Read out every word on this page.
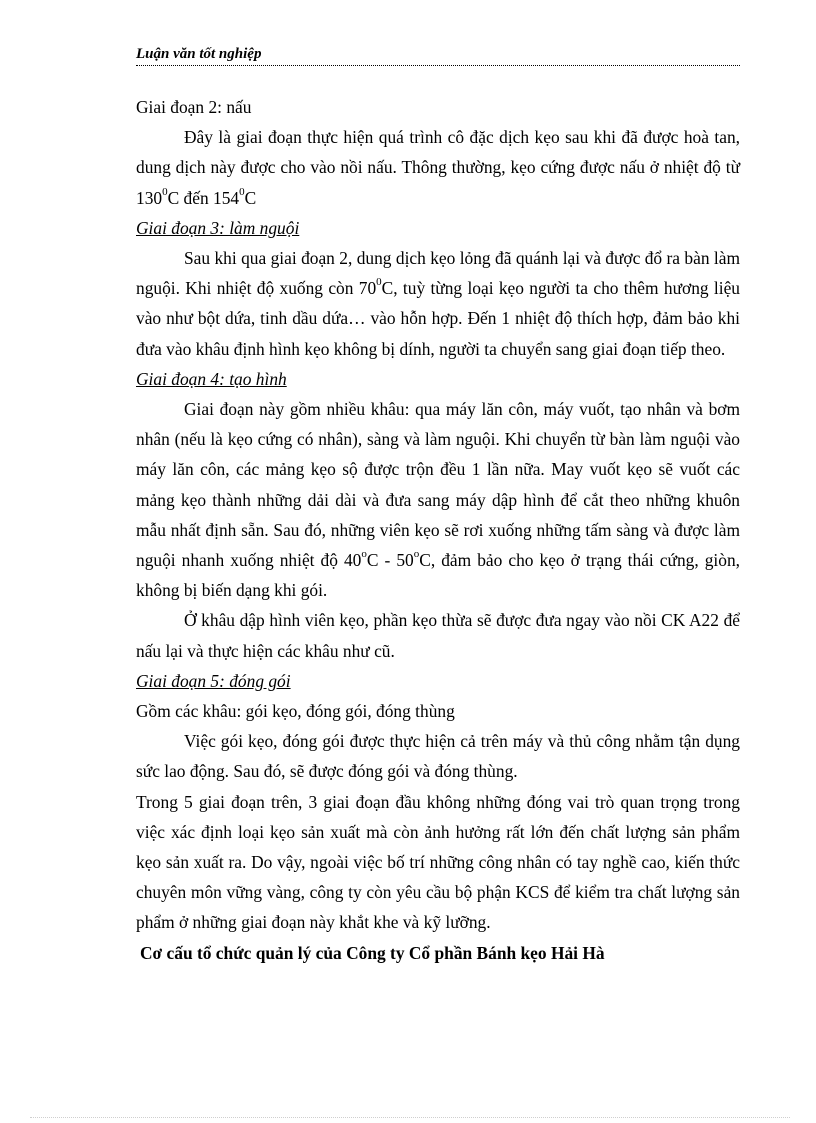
Luận văn tốt nghiệp

Giai đoạn 2: nấu

Đây là giai đoạn thực hiện quá trình cô đặc dịch kẹo sau khi đã được hoà tan, dung dịch này được cho vào nồi nấu. Thông thường, kẹo cứng được nấu ở nhiệt độ từ $130^0C$ đến $154^0C$

Giai đoạn 3: làm nguội

Sau khi qua giai đoạn 2, dung dịch kẹo lỏng đã quánh lại và được đổ ra bàn làm nguội. Khi nhiệt độ xuống còn $70^0C$, tuỳ từng loại kẹo người ta cho thêm hương liệu vào như bột dứa, tinh dầu dứa… vào hỗn hợp. Đến 1 nhiệt độ thích hợp, đảm bảo khi đưa vào khâu định hình kẹo không bị dính, người ta chuyển sang giai đoạn tiếp theo.

Giai đoạn 4: tạo hình

Giai đoạn này gồm nhiều khâu: qua máy lăn côn, máy vuốt, tạo nhân và bơm nhân (nếu là kẹo cứng có nhân), sàng và làm nguội. Khi chuyển từ bàn làm nguội vào máy lăn côn, các mảng kẹo sộ được trộn đều 1 lần nữa. May vuốt kẹo sẽ vuốt các mảng kẹo thành những dải dài và đưa sang máy dập hình để cắt theo những khuôn mẫu nhất định sẵn. Sau đó, những viên kẹo sẽ rơi xuống những tấm sàng và được làm nguội nhanh xuống nhiệt độ 40$^o$C - 50$^o$C, đảm bảo cho kẹo ở trạng thái cứng, giòn, không bị biến dạng khi gói.

Ở khâu dập hình viên kẹo, phần kẹo thừa sẽ được đưa ngay vào nồi CK A22 để nấu lại và thực hiện các khâu như cũ.

Giai đoạn 5: đóng gói

Gồm các khâu: gói kẹo, đóng gói, đóng thùng

Việc gói kẹo, đóng gói được thực hiện cả trên máy và thủ công nhằm tận dụng sức lao động. Sau đó, sẽ được đóng gói và đóng thùng.

Trong 5 giai đoạn trên, 3 giai đoạn đầu không những đóng vai trò quan trọng trong việc xác định loại kẹo sản xuất mà còn ảnh hưởng rất lớn đến chất lượng sản phẩm kẹo sản xuất ra. Do vậy, ngoài việc bố trí những công nhân có tay nghề cao, kiến thức chuyên môn vững vàng, công ty còn yêu cầu bộ phận KCS để kiểm tra chất lượng sản phẩm ở những giai đoạn này khắt khe và kỹ lưỡng.

Cơ cấu tổ chức quản lý của Công ty Cổ phần Bánh kẹo Hải Hà
